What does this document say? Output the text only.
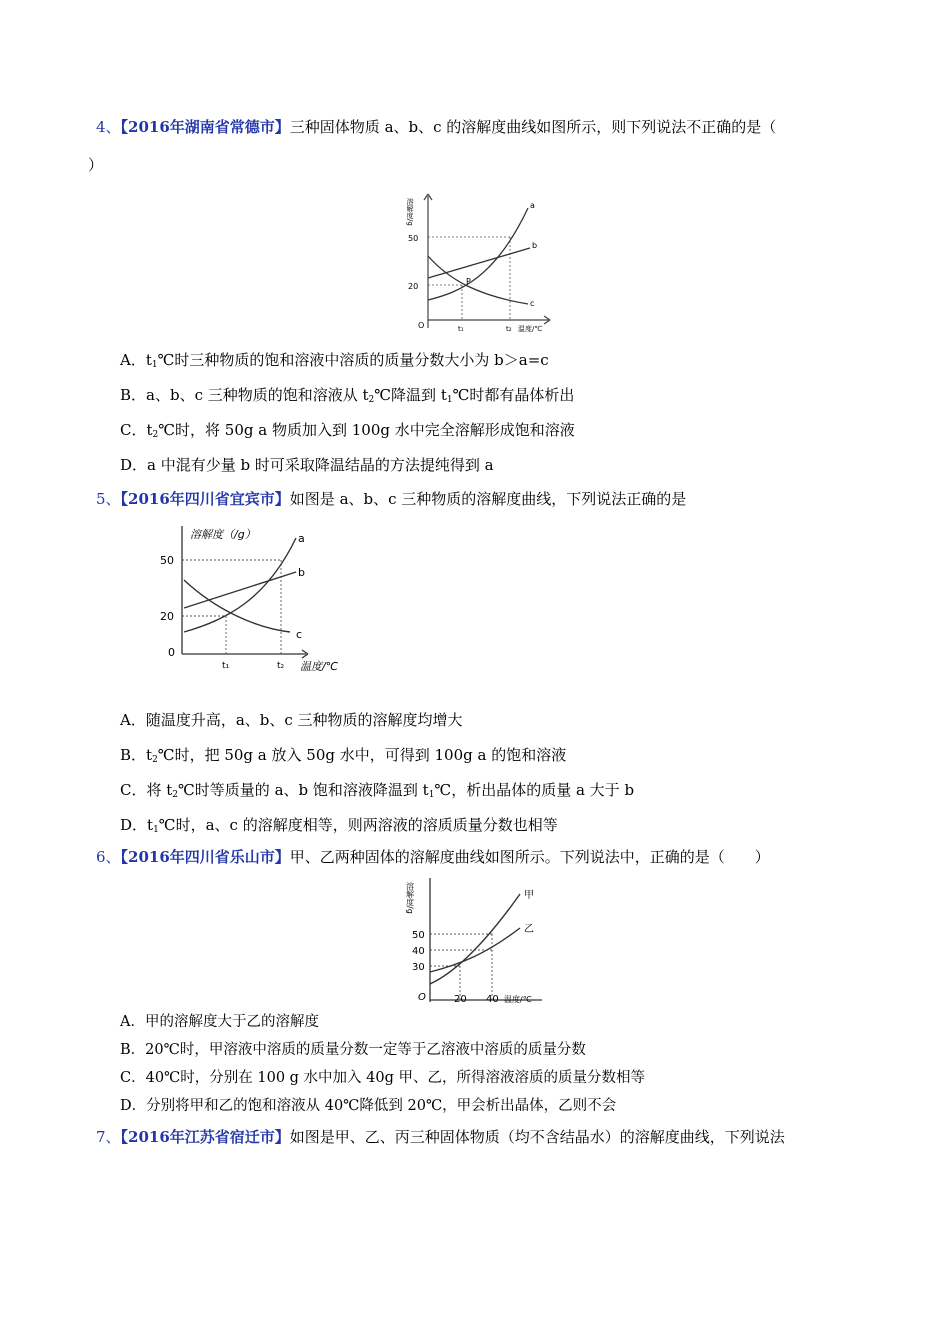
4、【2016年湖南省常德市】三种固体物质 a、b、c 的溶解度曲线如图所示，则下列说法不正确的是（
）
溶解度/g
50
20
O	t₁	t₂ 温度/℃
a
b
c
P
A．$t_1℃$时三种物质的饱和溶液中溶质的质量分数大小为 b＞a=c
B．a、b、c 三种物质的饱和溶液从 $t_2℃$降温到 $t_1℃$时都有晶体析出
C．$t_2℃$时，将 50g a 物质加入到 100g 水中完全溶解形成饱和溶液
D．a 中混有少量 b 时可采取降温结晶的方法提纯得到 a
5、【2016年四川省宜宾市】如图是 a、b、c 三种物质的溶解度曲线，下列说法正确的是
溶解度（/g）
50
20
0
t₁	t₂ 温度/℃
a
b
c
A．随温度升高，a、b、c 三种物质的溶解度均增大
B．$t_2℃$时，把 50g a 放入 50g 水中，可得到 100g a 的饱和溶液
C．将 $t_2℃$时等质量的 a、b 饱和溶液降温到 $t_1℃$，析出晶体的质量 a 大于 b
D．$t_1℃$时，a、c 的溶解度相等，则两溶液的溶质质量分数也相等
6、【2016年四川省乐山市】甲、乙两种固体的溶解度曲线如图所示。下列说法中，正确的是（　　）
溶解度/g
50
40
30
O	20 40 温度/℃
甲
乙
A．甲的溶解度大于乙的溶解度
B．20℃时，甲溶液中溶质的质量分数一定等于乙溶液中溶质的质量分数
C．40℃时，分别在 100 g 水中加入 40g 甲、乙，所得溶液溶质的质量分数相等
D．分别将甲和乙的饱和溶液从 40℃降低到 20℃，甲会析出晶体，乙则不会
7、【2016年江苏省宿迁市】如图是甲、乙、丙三种固体物质（均不含结晶水）的溶解度曲线，下列说法
